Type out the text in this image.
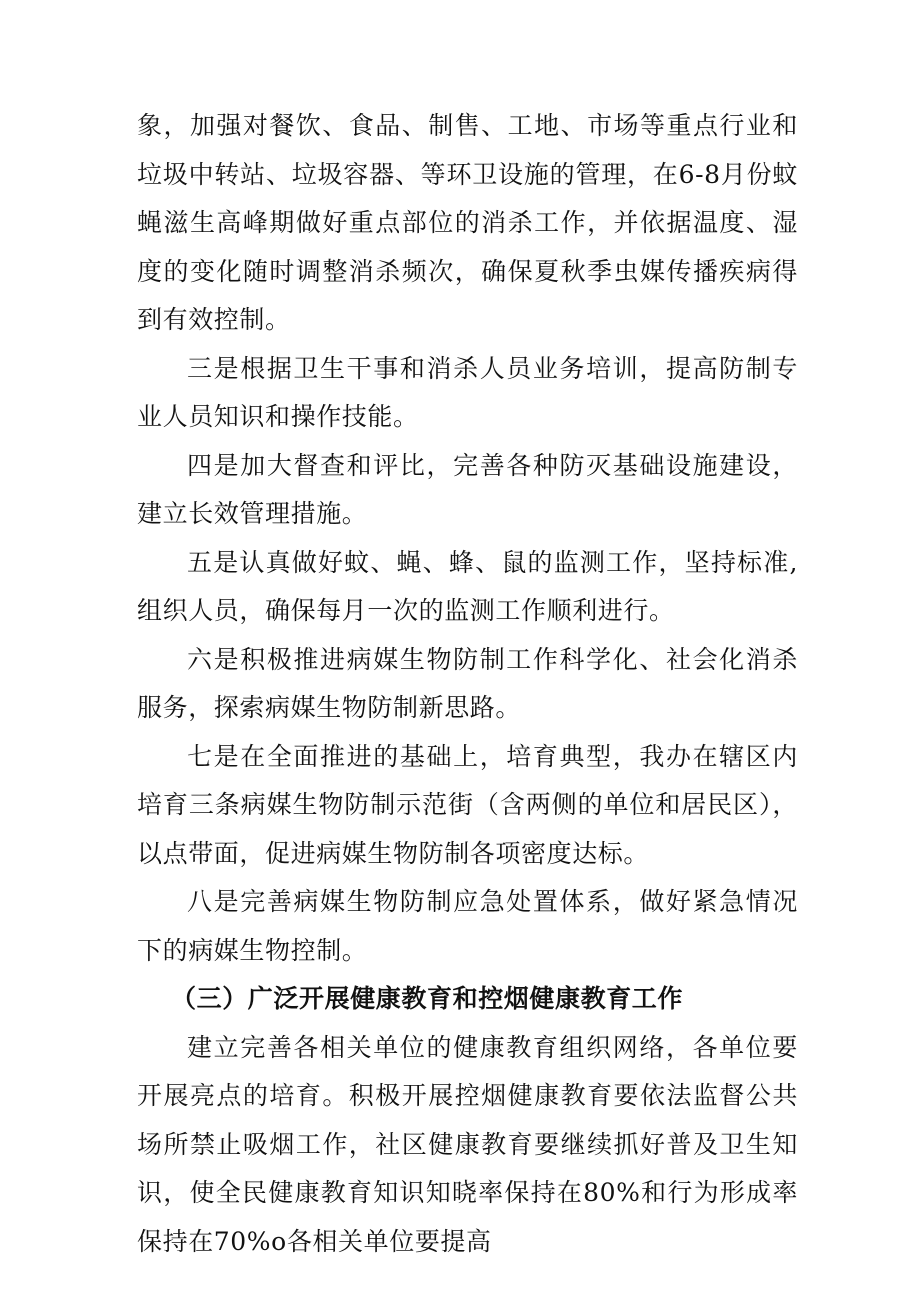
象，加强对餐饮、食品、制售、工地、市场等重点行业和垃圾中转站、垃圾容器、等环卫设施的管理，在6-8月份蚊蝇滋生高峰期做好重点部位的消杀工作，并依据温度、湿度的变化随时调整消杀频次，确保夏秋季虫媒传播疾病得到有效控制。

三是根据卫生干事和消杀人员业务培训，提高防制专业人员知识和操作技能。

四是加大督查和评比，完善各种防灭基础设施建设，建立长效管理措施。

五是认真做好蚊、蝇、蜂、鼠的监测工作，坚持标准,组织人员，确保每月一次的监测工作顺利进行。

六是积极推进病媒生物防制工作科学化、社会化消杀服务，探索病媒生物防制新思路。

七是在全面推进的基础上，培育典型，我办在辖区内培育三条病媒生物防制示范街（含两侧的单位和居民区），以点带面，促进病媒生物防制各项密度达标。

八是完善病媒生物防制应急处置体系，做好紧急情况下的病媒生物控制。

（三）广泛开展健康教育和控烟健康教育工作

建立完善各相关单位的健康教育组织网络，各单位要开展亮点的培育。积极开展控烟健康教育要依法监督公共场所禁止吸烟工作，社区健康教育要继续抓好普及卫生知识，使全民健康教育知识知晓率保持在80%和行为形成率保持在70%o各相关单位要提高
